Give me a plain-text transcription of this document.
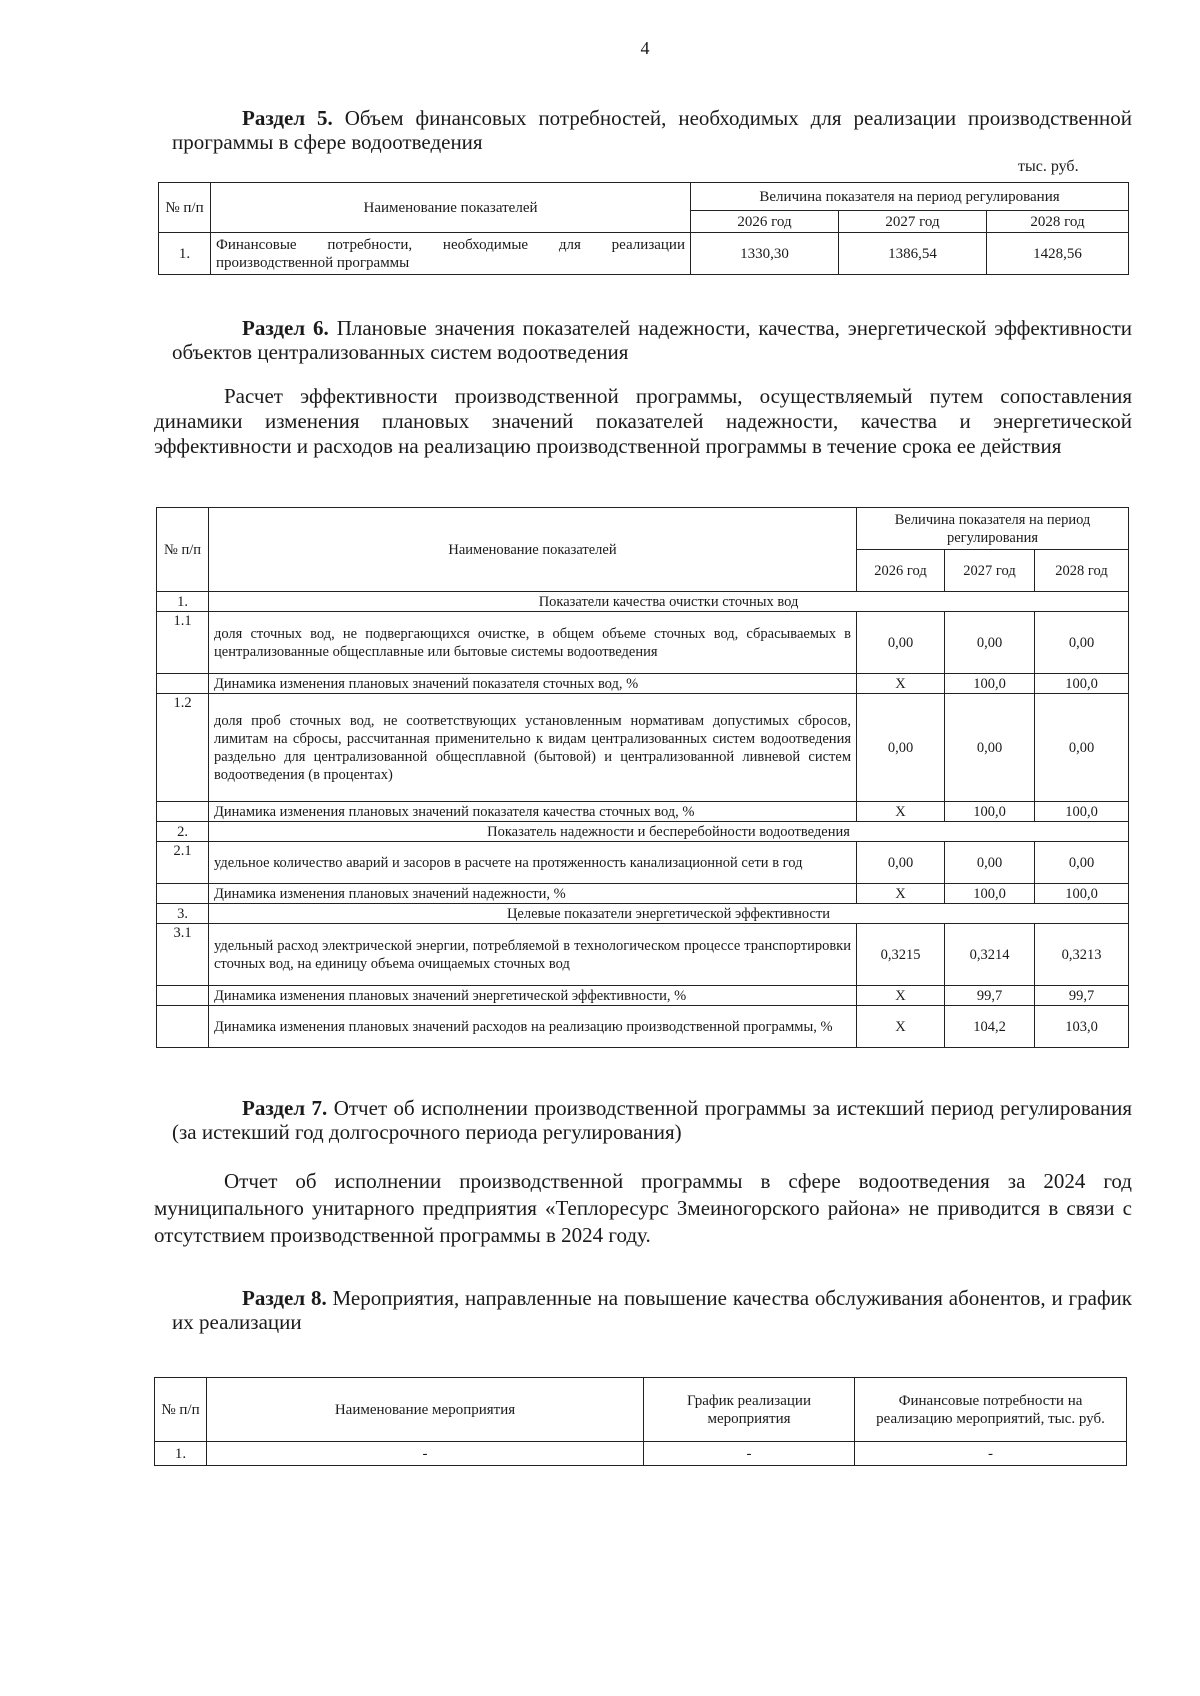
4
Раздел 5. Объем финансовых потребностей, необходимых для реализации производственной программы в сфере водоотведения
тыс. руб.
№ п/п	Наименование показателей	Величина показателя на период регулирования		
		2026 год	2027 год	2028 год
1.	Финансовые потребности, необходимые для реализации производственной программы	1330,30	1386,54	1428,56
Раздел 6. Плановые значения показателей надежности, качества, энергетической эффективности объектов централизованных систем водоотведения
Расчет эффективности производственной программы, осуществляемый путем сопоставления динамики изменения плановых значений показателей надежности, качества и энергетической эффективности и расходов на реализацию производственной программы в течение срока ее действия
№ п/п	Наименование показателей	Величина показателя на период регулирования		
		2026 год	2027 год	2028 год
1.	Показатели качества очистки сточных вод			
1.1	доля сточных вод, не подвергающихся очистке, в общем объеме сточных вод, сбрасываемых в централизованные общесплавные или бытовые системы водоотведения	0,00	0,00	0,00
	Динамика изменения плановых значений показателя сточных вод, %	X	100,0	100,0
1.2	доля проб сточных вод, не соответствующих установленным нормативам допустимых сбросов, лимитам на сбросы, рассчитанная применительно к видам централизованных систем водоотведения раздельно для централизованной общесплавной (бытовой) и централизованной ливневой систем водоотведения (в процентах)	0,00	0,00	0,00
	Динамика изменения плановых значений показателя качества сточных вод, %	X	100,0	100,0
2.	Показатель надежности и бесперебойности водоотведения			
2.1	удельное количество аварий и засоров в расчете на протяженность канализационной сети в год	0,00	0,00	0,00
	Динамика изменения плановых значений надежности, %	X	100,0	100,0
3.	Целевые показатели энергетической эффективности			
3.1	удельный расход электрической энергии, потребляемой в технологическом процессе транспортировки сточных вод, на единицу объема очищаемых сточных вод	0,3215	0,3214	0,3213
	Динамика изменения плановых значений энергетической эффективности, %	X	99,7	99,7
	Динамика изменения плановых значений расходов на реализацию производственной программы, %	X	104,2	103,0
Раздел 7. Отчет об исполнении производственной программы за истекший период регулирования (за истекший год долгосрочного периода регулирования)
Отчет об исполнении производственной программы в сфере водоотведения за 2024 год муниципального унитарного предприятия «Теплоресурс Змеиногорского района» не приводится в связи с отсутствием производственной программы в 2024 году.
Раздел 8. Мероприятия, направленные на повышение качества обслуживания абонентов, и график их реализации
№ п/п	Наименование мероприятия	График реализации мероприятия	Финансовые потребности на реализацию мероприятий, тыс. руб.
1.	-	-	-
